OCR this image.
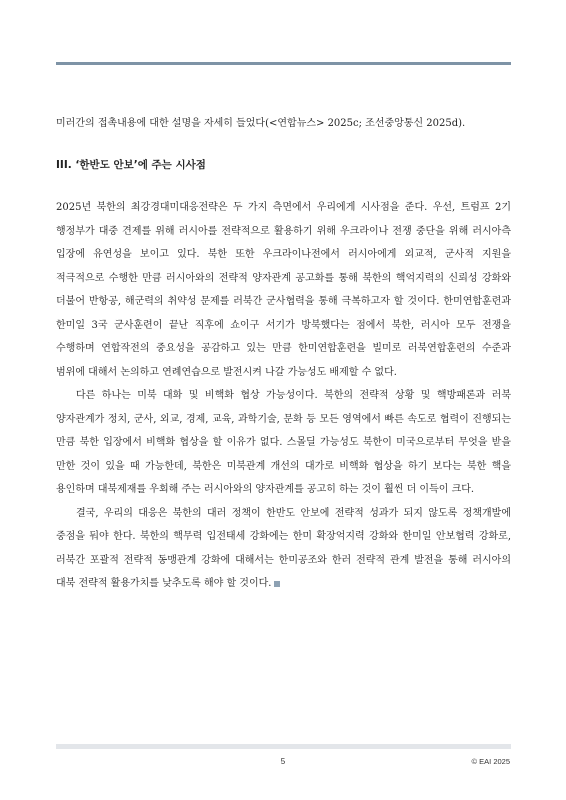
미러간의 접촉내용에 대한 설명을 자세히 들었다(<연합뉴스> 2025c; 조선중앙통신 2025d).

III. ‘한반도 안보’에 주는 시사점

2025년 북한의 최강경대미대응전략은 두 가지 측면에서 우리에게 시사점을 준다. 우선, 트럼프 2기 행정부가 대중 견제를 위해 러시아를 전략적으로 활용하기 위해 우크라이나 전쟁 중단을 위해 러시아측 입장에 유연성을 보이고 있다. 북한 또한 우크라이나전에서 러시아에게 외교적, 군사적 지원을 적극적으로 수행한 만큼 러시아와의 전략적 양자관계 공고화를 통해 북한의 핵억지력의 신뢰성 강화와 더불어 반항공, 해군력의 취약성 문제를 러북간 군사협력을 통해 극복하고자 할 것이다. 한미연합훈련과 한미일 3국 군사훈련이 끝난 직후에 쇼이구 서기가 방북했다는 점에서 북한, 러시아 모두 전쟁을 수행하며 연합작전의 중요성을 공감하고 있는 만큼 한미연합훈련을 빌미로 러북연합훈련의 수준과 범위에 대해서 논의하고 연례연습으로 발전시켜 나갈 가능성도 배제할 수 없다.

다른 하나는 미북 대화 및 비핵화 협상 가능성이다. 북한의 전략적 상황 및 핵방패론과 러북 양자관계가 정치, 군사, 외교, 경제, 교육, 과학기술, 문화 등 모든 영역에서 빠른 속도로 협력이 진행되는 만큼 북한 입장에서 비핵화 협상을 할 이유가 없다. 스몰딜 가능성도 북한이 미국으로부터 무엇을 받을 만한 것이 있을 때 가능한데, 북한은 미북관계 개선의 대가로 비핵화 협상을 하기 보다는 북한 핵을 용인하며 대북제재를 우회해 주는 러시아와의 양자관계를 공고히 하는 것이 훨씬 더 이득이 크다.

결국, 우리의 대응은 북한의 대러 정책이 한반도 안보에 전략적 성과가 되지 않도록 정책개발에 중점을 둬야 한다. 북한의 핵무력 입전태세 강화에는 한미 확장억지력 강화와 한미일 안보협력 강화로, 러북간 포괄적 전략적 동맹관계 강화에 대해서는 한미공조와 한러 전략적 관계 발전을 통해 러시아의 대북 전략적 활용가치를 낮추도록 해야 할 것이다.

5	© EAI 2025
